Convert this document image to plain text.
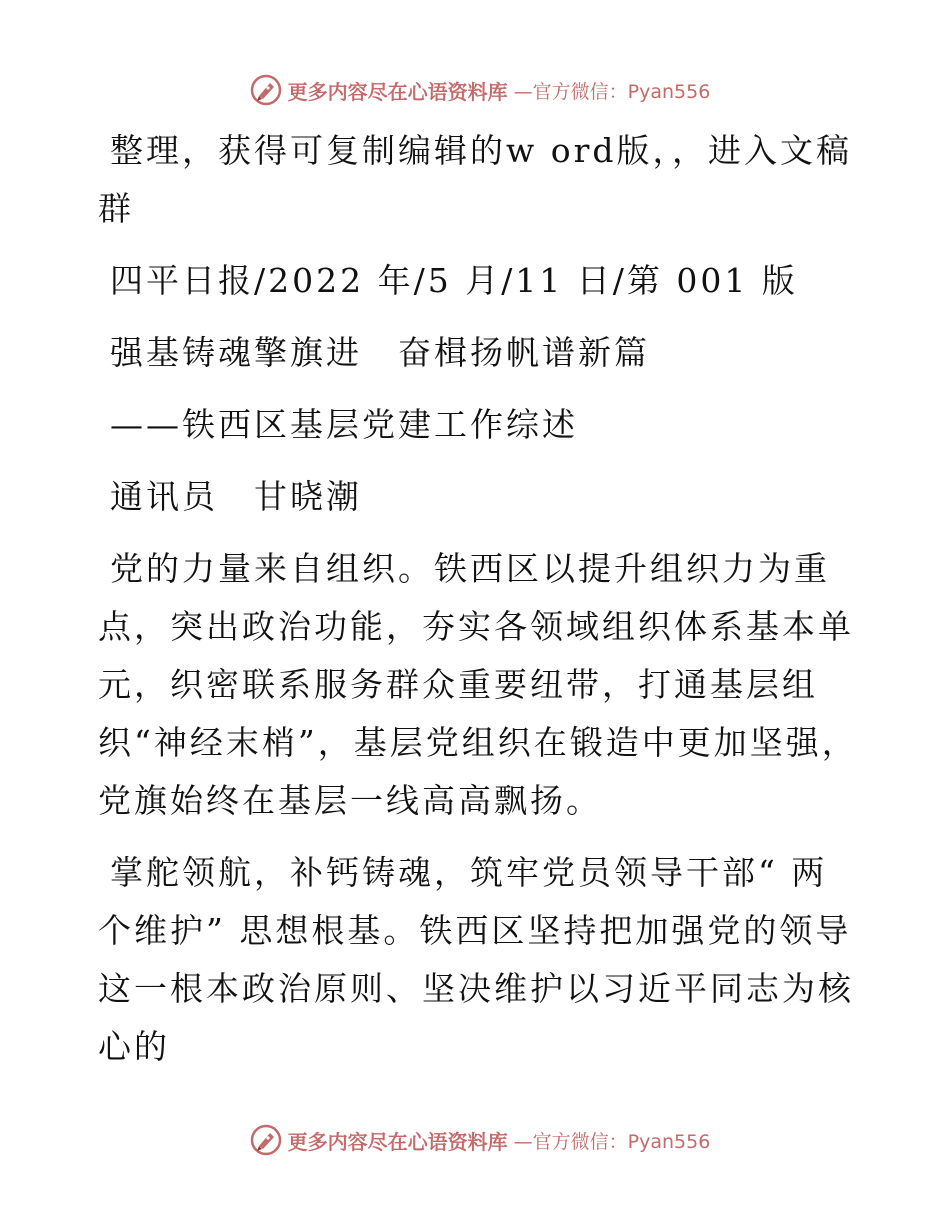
更多内容尽在心语资料库 —官方微信：Pyan556

整理，获得可复制编辑的w ord版，，进入文稿群

四平日报/2022 年/5 月/11 日/第 001 版

强基铸魂擎旗进　奋楫扬帆谱新篇

——铁西区基层党建工作综述

通讯员　甘晓潮

党的力量来自组织。铁西区以提升组织力为重点，突出政治功能，夯实各领域组织体系基本单元，织密联系服务群众重要纽带，打通基层组织“神经末梢”，基层党组织在锻造中更加坚强，党旗始终在基层一线高高飘扬。

掌舵领航，补钙铸魂，筑牢党员领导干部“ 两个维护” 思想根基。铁西区坚持把加强党的领导这一根本政治原则、坚决维护以习近平同志为核心的

更多内容尽在心语资料库 —官方微信：Pyan556
